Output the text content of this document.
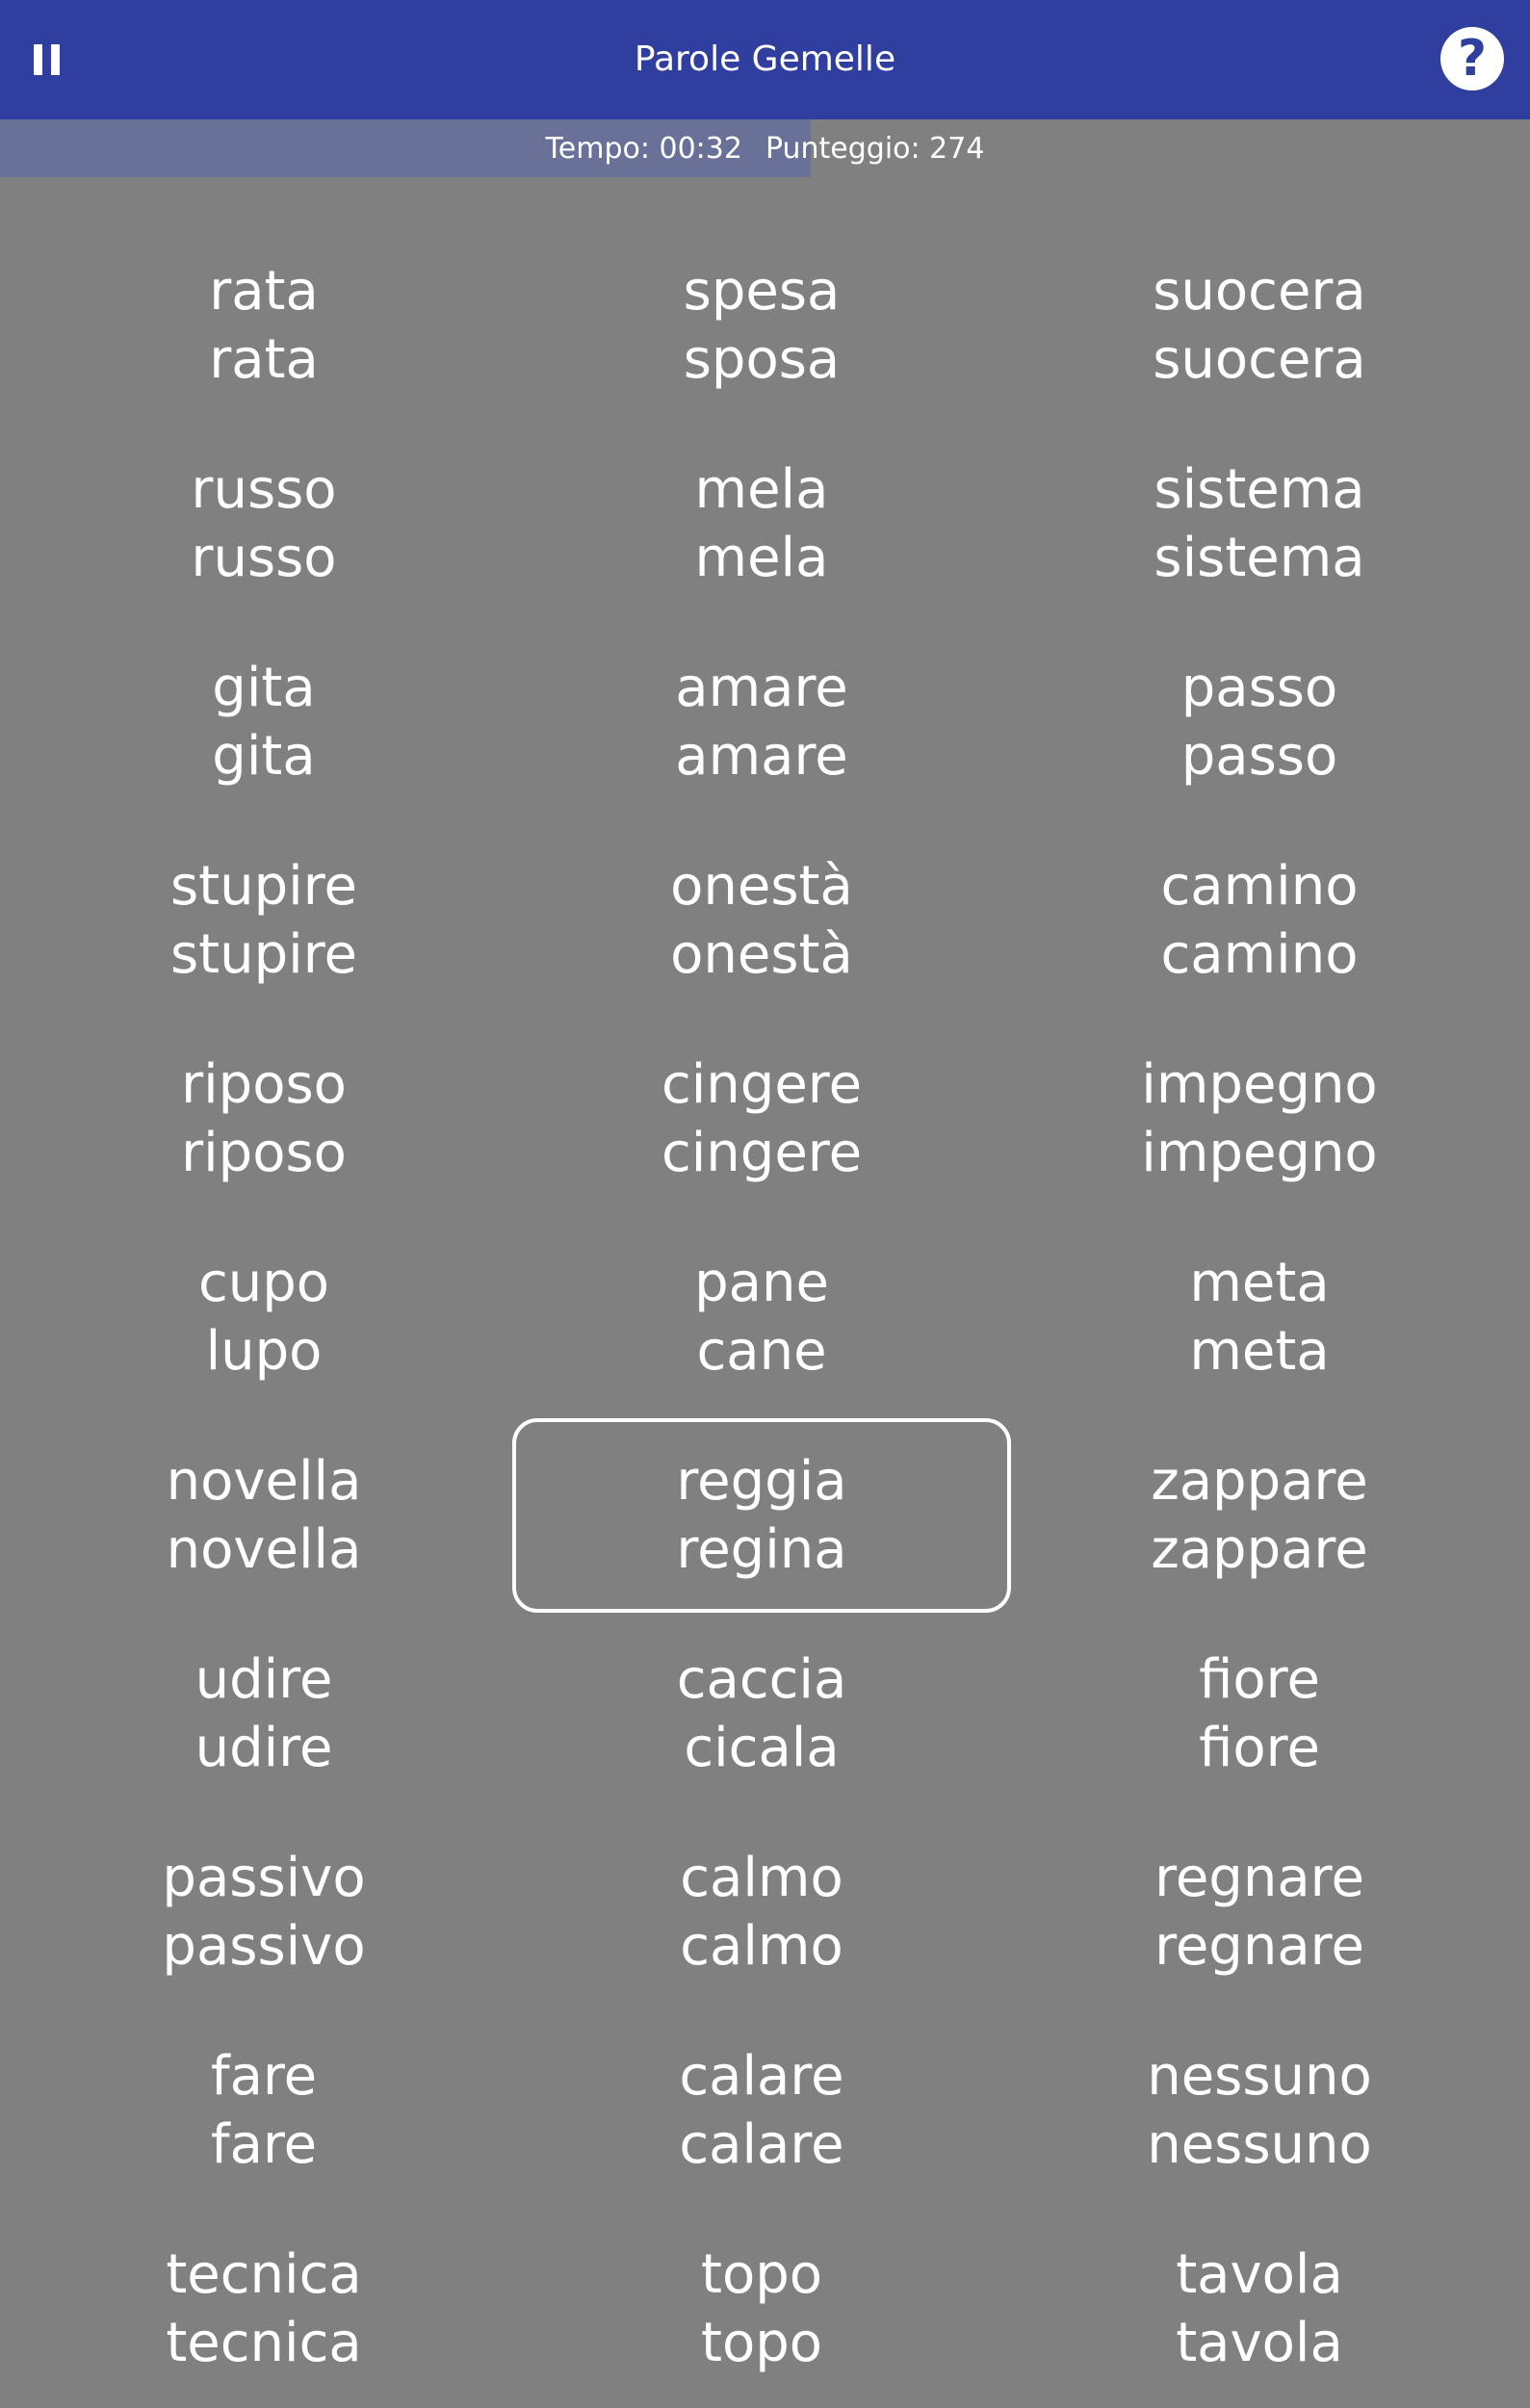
Parole Gemelle	?
Tempo: 00:32 Punteggio: 274
rata
rata
spesa
sposa
suocera
suocera
russo
russo
mela
mela
sistema
sistema
gita
gita
amare
amare
passo
passo
stupire
stupire
onestà
onestà
camino
camino
riposo
riposo
cingere
cingere
impegno
impegno
cupo
lupo
pane
cane
meta
meta
novella
novella
reggia
regina
zappare
zappare
udire
udire
caccia
cicala
fiore
fiore
passivo
passivo
calmo
calmo
regnare
regnare
fare
fare
calare
calare
nessuno
nessuno
tecnica
tecnica
topo
topo
tavola
tavola
